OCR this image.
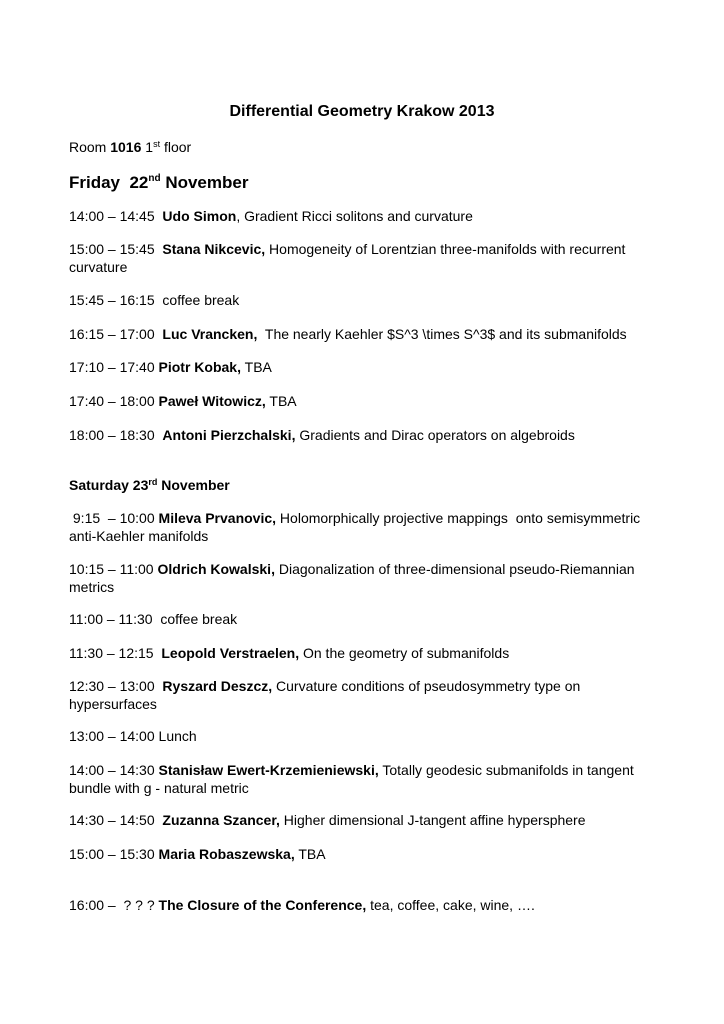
Differential Geometry Krakow 2013
Room 1016 1st floor
Friday  22nd November
14:00 – 14:45  Udo Simon, Gradient Ricci solitons and curvature
15:00 – 15:45  Stana Nikcevic, Homogeneity of Lorentzian three-manifolds with recurrent curvature
15:45 – 16:15  coffee break
16:15 – 17:00  Luc Vrancken,  The nearly Kaehler $S^3 \times S^3$ and its submanifolds
17:10 – 17:40 Piotr Kobak, TBA
17:40 – 18:00 Paweł Witowicz, TBA
18:00 – 18:30  Antoni Pierzchalski, Gradients and Dirac operators on algebroids
Saturday 23rd November
9:15  – 10:00 Mileva Prvanovic, Holomorphically projective mappings  onto semisymmetric  anti-Kaehler manifolds
10:15 – 11:00 Oldrich Kowalski, Diagonalization of three-dimensional pseudo-Riemannian metrics
11:00 – 11:30  coffee break
11:30 – 12:15  Leopold Verstraelen, On the geometry of submanifolds
12:30 – 13:00  Ryszard Deszcz, Curvature conditions of pseudosymmetry type on hypersurfaces
13:00 – 14:00 Lunch
14:00 – 14:30 Stanisław Ewert-Krzemieniewski, Totally geodesic submanifolds in tangent bundle with g - natural metric
14:30 – 14:50  Zuzanna Szancer, Higher dimensional J-tangent affine hypersphere
15:00 – 15:30 Maria Robaszewska, TBA
16:00 –  ? ? ? The Closure of the Conference, tea, coffee, cake, wine, ….
